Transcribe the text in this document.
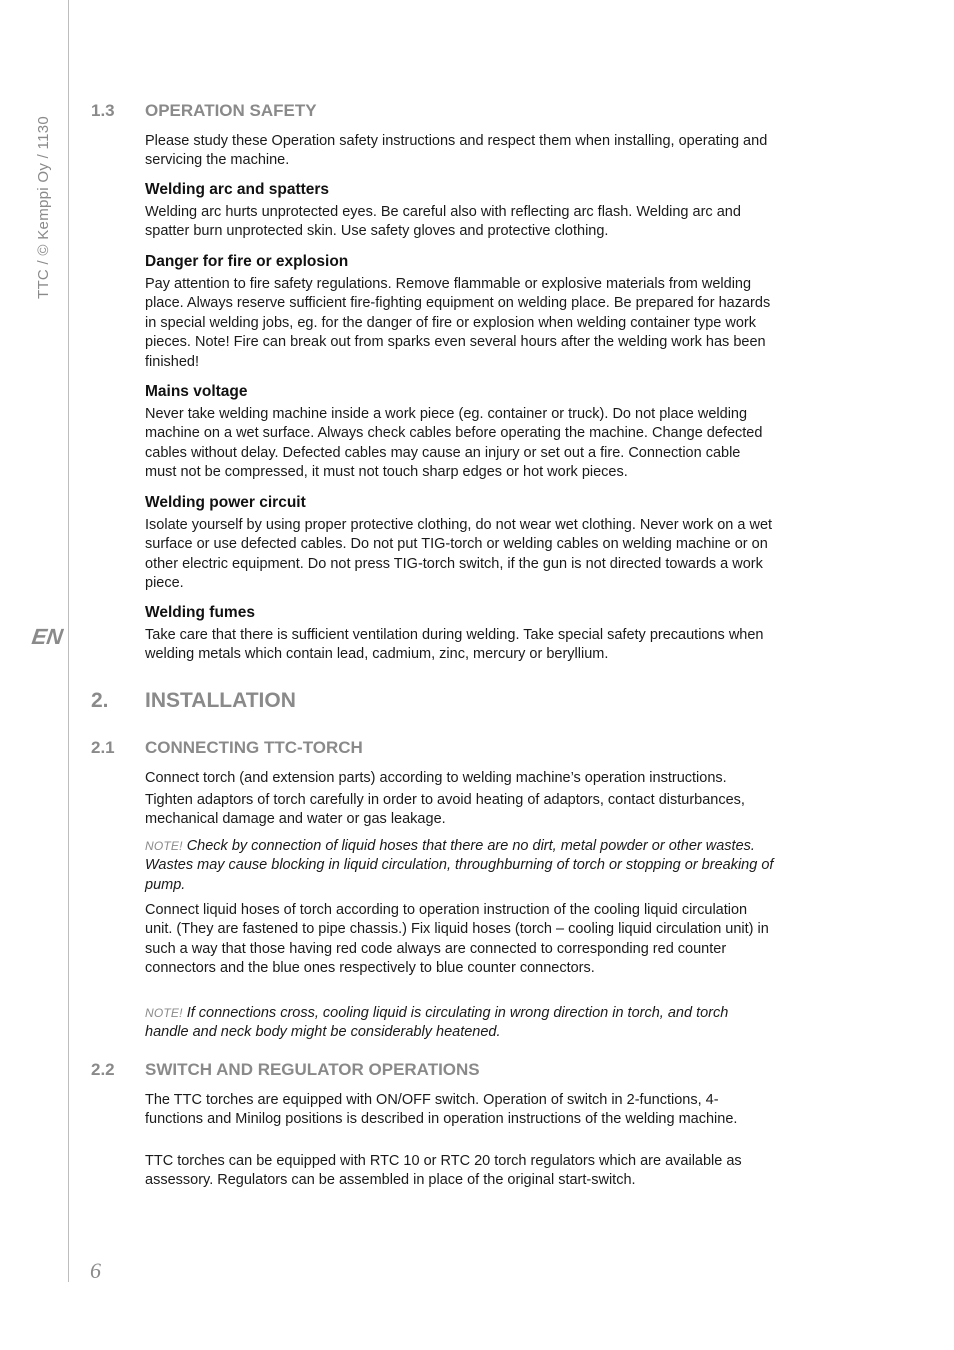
TTC / © Kemppi Oy / 1130
EN
6
1.3 OPERATION SAFETY

Please study these Operation safety instructions and respect them when installing, operating and servicing the machine.

Welding arc and spatters

Welding arc hurts unprotected eyes. Be careful also with reflecting arc flash. Welding arc and spatter burn unprotected skin. Use safety gloves and protective clothing.

Danger for fire or explosion

Pay attention to fire safety regulations. Remove flammable or explosive materials from welding place. Always reserve sufficient fire-fighting equipment on welding place. Be prepared for hazards in special welding jobs, eg. for the danger of fire or explosion when welding container type work pieces. Note! Fire can break out from sparks even several hours after the welding work has been finished!

Mains voltage

Never take welding machine inside a work piece (eg. container or truck). Do not place welding machine on a wet surface. Always check cables before operating the machine. Change defected cables without delay. Defected cables may cause an injury or set out a fire. Connection cable must not be compressed, it must not touch sharp edges or hot work pieces.

Welding power circuit

Isolate yourself by using proper protective clothing, do not wear wet clothing. Never work on a wet surface or use defected cables. Do not put TIG-torch or welding cables on welding machine or on other electric equipment. Do not press TIG-torch switch, if the gun is not directed towards a work piece.

Welding fumes

Take care that there is sufficient ventilation during welding. Take special safety precautions when welding metals which contain lead, cadmium, zinc, mercury or beryllium.

2. INSTALLATION
2.1 CONNECTING TTC-TORCH

Connect torch (and extension parts) according to welding machine’s operation instructions.

Tighten adaptors of torch carefully in order to avoid heating of adaptors, contact disturbances, mechanical damage and water or gas leakage.

NOTE! Check by connection of liquid hoses that there are no dirt, metal powder or other wastes. Wastes may cause blocking in liquid circulation, throughburning of torch or stopping or breaking of pump.

Connect liquid hoses of torch according to operation instruction of the cooling liquid circulation unit. (They are fastened to pipe chassis.) Fix liquid hoses (torch – cooling liquid circulation unit) in such a way that those having red code always are connected to corresponding red counter connectors and the blue ones respectively to blue counter connectors.

NOTE! If connections cross, cooling liquid is circulating in wrong direction in torch, and torch handle and neck body might be considerably heatened.

2.2 SWITCH AND REGULATOR OPERATIONS

The TTC torches are equipped with ON/OFF switch. Operation of switch in 2-functions, 4-functions and Minilog positions is described in operation instructions of the welding machine.

TTC torches can be equipped with RTC 10 or RTC 20 torch regulators which are available as assessory. Regulators can be assembled in place of the original start-switch.
